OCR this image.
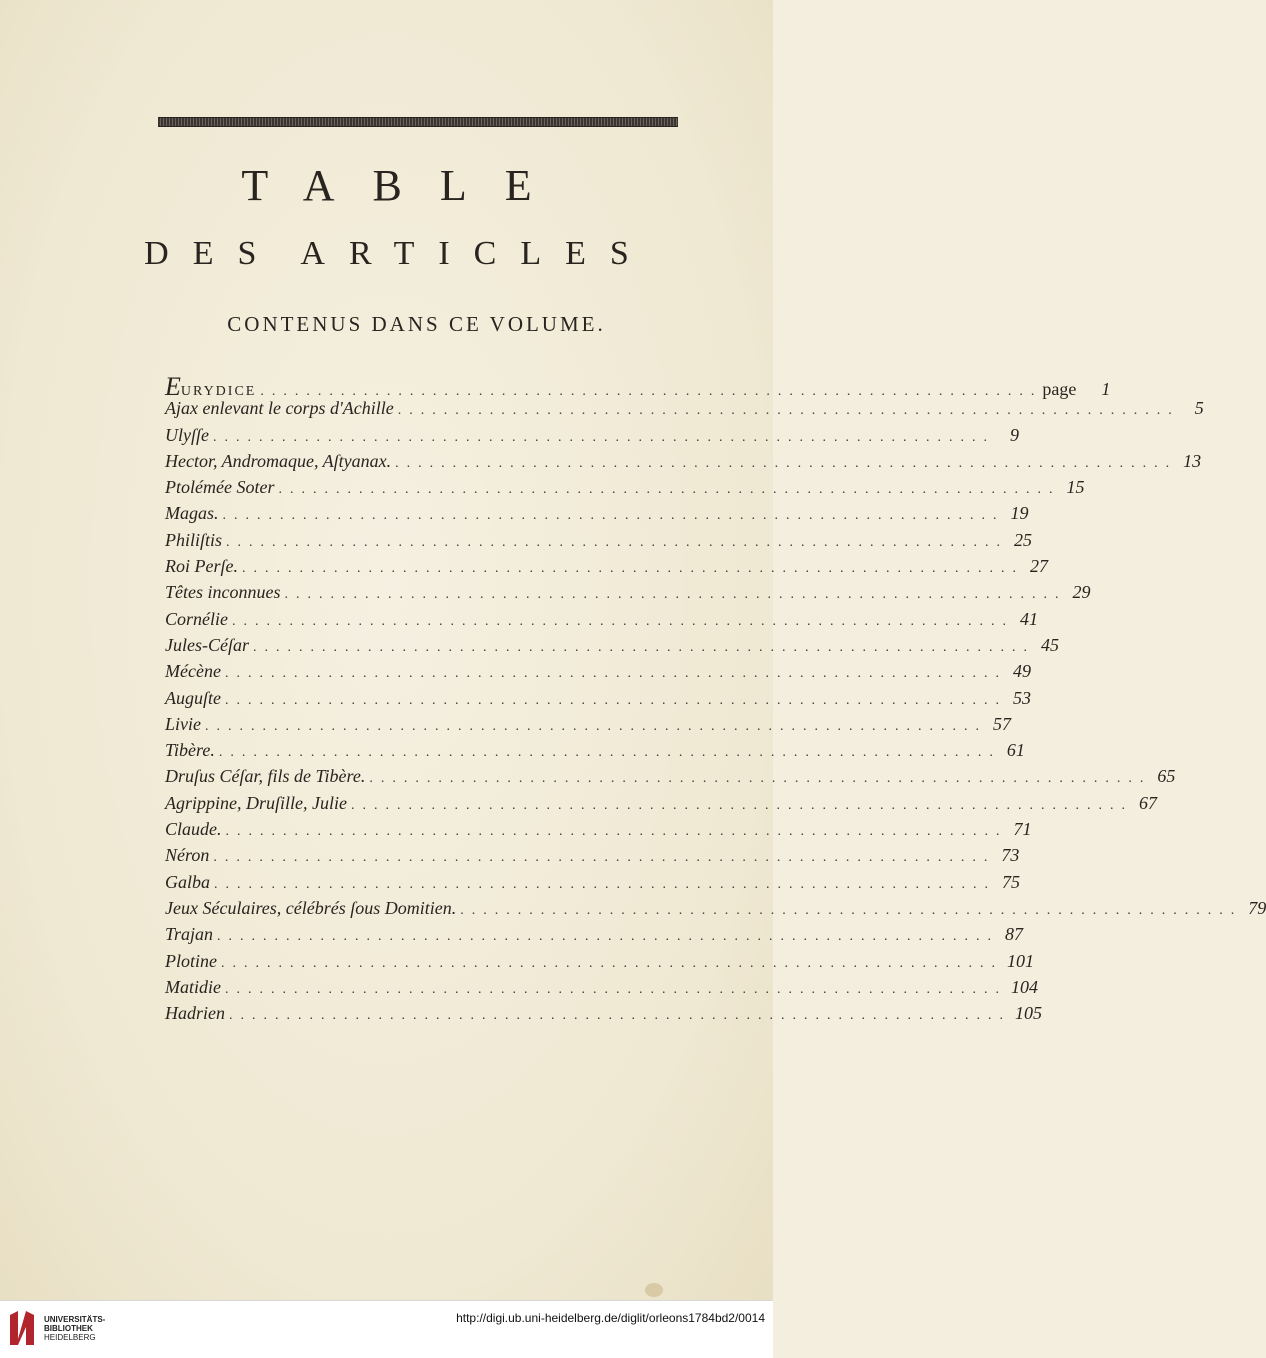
TABLE
DES ARTICLES
CONTENUS DANS CE VOLUME.
EURYDICE .................................................................... page	1
Ajax enlevant le corps d'Achille .................................................................... 5
Ulyſſe .................................................................... 9
Hector, Andromaque, Aſtyanax. .................................................................... 13
Ptolémée Soter .................................................................... 15
Magas. .................................................................... 19
Philiſtis .................................................................... 25
Roi Perſe. .................................................................... 27
Têtes inconnues .................................................................... 29
Cornélie .................................................................... 41
Jules-Céſar .................................................................... 45
Mécène .................................................................... 49
Auguſte .................................................................... 53
Livie .................................................................... 57
Tibère. .................................................................... 61
Druſus Céſar, fils de Tibère. .................................................................... 65
Agrippine, Druſille, Julie .................................................................... 67
Claude. .................................................................... 71
Néron .................................................................... 73
Galba .................................................................... 75
Jeux Séculaires, célébrés ſous Domitien. .................................................................... 79
Trajan .................................................................... 87
Plotine .................................................................... 101
Matidie .................................................................... 104
Hadrien .................................................................... 105
UNIVERSITÄTS-
BIBLIOTHEK
HEIDELBERG
http://digi.ub.uni-heidelberg.de/diglit/orleons1784bd2/0014
